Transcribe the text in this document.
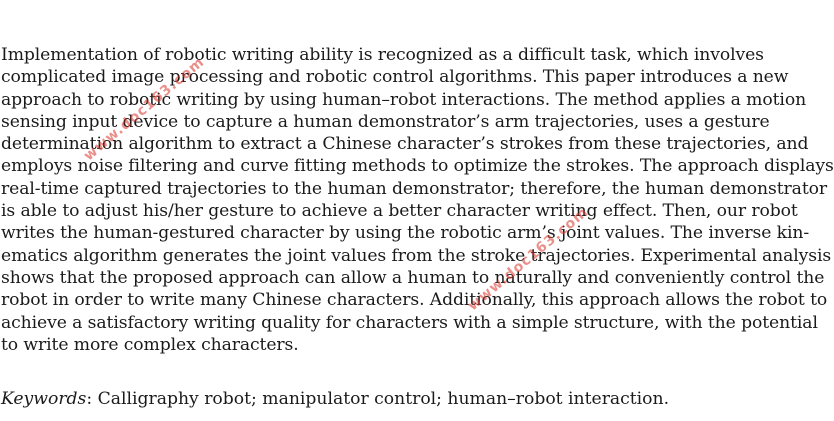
Implementation of robotic writing ability is recognized as a difficult task, which involves
complicated image processing and robotic control algorithms. This paper introduces a new
approach to robotic writing by using human–robot interactions. The method applies a motion
sensing input device to capture a human demonstrator’s arm trajectories, uses a gesture
determination algorithm to extract a Chinese character’s strokes from these trajectories, and
employs noise filtering and curve fitting methods to optimize the strokes. The approach displays
real-time captured trajectories to the human demonstrator; therefore, the human demonstrator
is able to adjust his/her gesture to achieve a better character writing effect. Then, our robot
writes the human-gestured character by using the robotic arm’s joint values. The inverse kin-
ematics algorithm generates the joint values from the stroke trajectories. Experimental analysis
shows that the proposed approach can allow a human to naturally and conveniently control the
robot in order to write many Chinese characters. Additionally, this approach allows the robot to
achieve a satisfactory writing quality for characters with a simple structure, with the potential
to write more complex characters.

Keywords: Calligraphy robot; manipulator control; human–robot interaction.
www.doc163.com
www.doc163.com
